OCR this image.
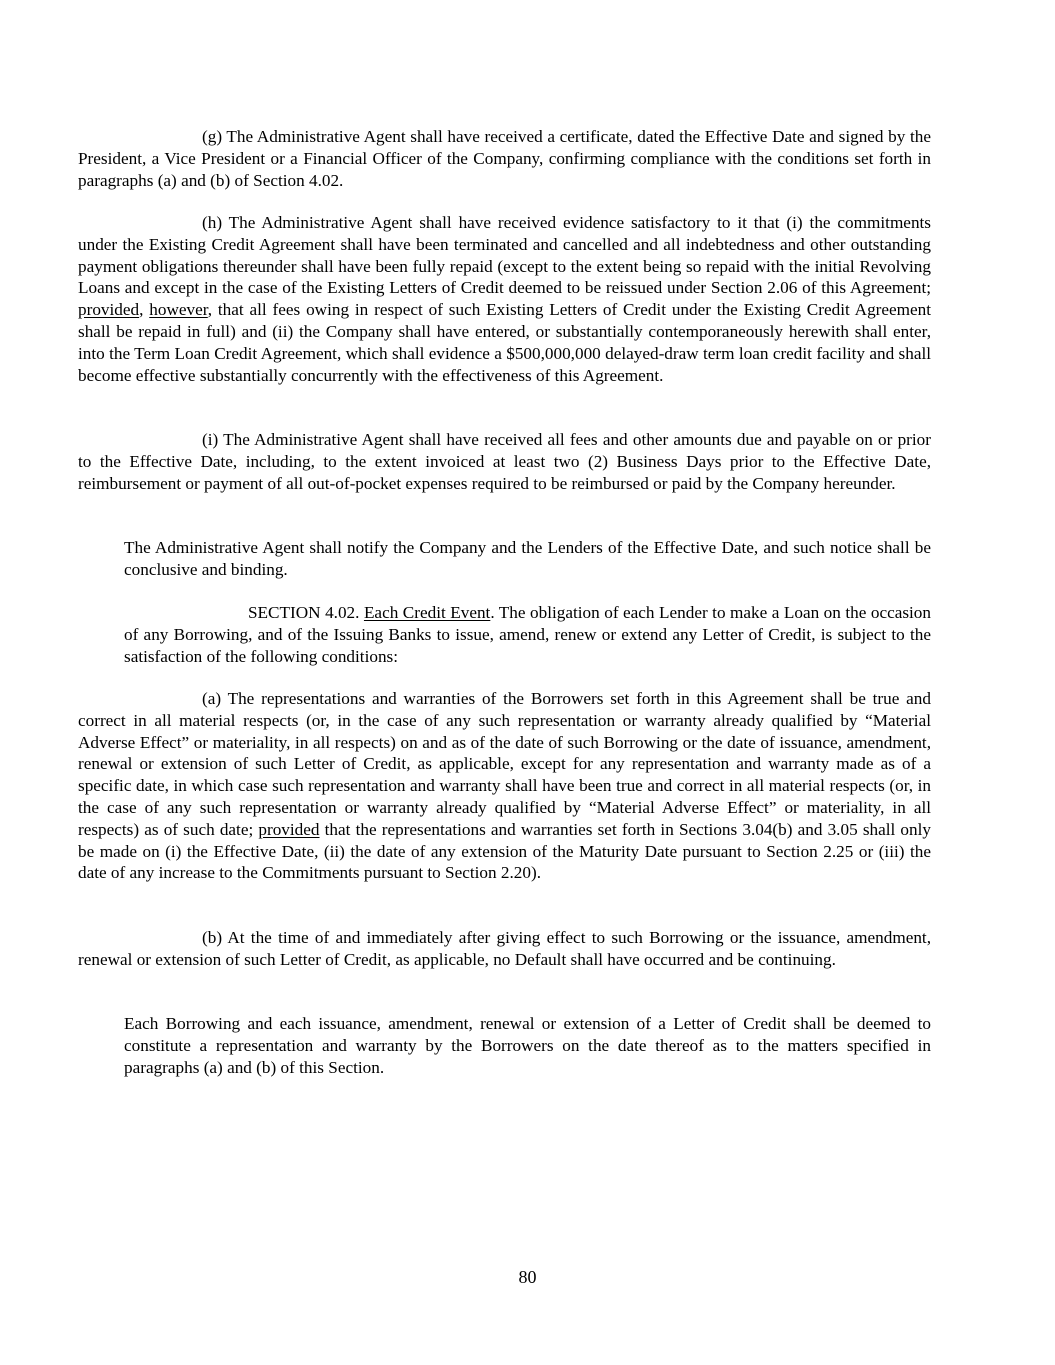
(g) The Administrative Agent shall have received a certificate, dated the Effective Date and signed by the President, a Vice President or a Financial Officer of the Company, confirming compliance with the conditions set forth in paragraphs (a) and (b) of Section 4.02.

(h) The Administrative Agent shall have received evidence satisfactory to it that (i) the commitments under the Existing Credit Agreement shall have been terminated and cancelled and all indebtedness and other outstanding payment obligations thereunder shall have been fully repaid (except to the extent being so repaid with the initial Revolving Loans and except in the case of the Existing Letters of Credit deemed to be reissued under Section 2.06 of this Agreement; provided, however, that all fees owing in respect of such Existing Letters of Credit under the Existing Credit Agreement shall be repaid in full) and (ii) the Company shall have entered, or substantially contemporaneously herewith shall enter, into the Term Loan Credit Agreement, which shall evidence a $500,000,000 delayed-draw term loan credit facility and shall become effective substantially concurrently with the effectiveness of this Agreement.

(i) The Administrative Agent shall have received all fees and other amounts due and payable on or prior to the Effective Date, including, to the extent invoiced at least two (2) Business Days prior to the Effective Date, reimbursement or payment of all out-of-pocket expenses required to be reimbursed or paid by the Company hereunder.

The Administrative Agent shall notify the Company and the Lenders of the Effective Date, and such notice shall be conclusive and binding.

SECTION 4.02. Each Credit Event. The obligation of each Lender to make a Loan on the occasion of any Borrowing, and of the Issuing Banks to issue, amend, renew or extend any Letter of Credit, is subject to the satisfaction of the following conditions:

(a) The representations and warranties of the Borrowers set forth in this Agreement shall be true and correct in all material respects (or, in the case of any such representation or warranty already qualified by “Material Adverse Effect” or materiality, in all respects) on and as of the date of such Borrowing or the date of issuance, amendment, renewal or extension of such Letter of Credit, as applicable, except for any representation and warranty made as of a specific date, in which case such representation and warranty shall have been true and correct in all material respects (or, in the case of any such representation or warranty already qualified by “Material Adverse Effect” or materiality, in all respects) as of such date; provided that the representations and warranties set forth in Sections 3.04(b) and 3.05 shall only be made on (i) the Effective Date, (ii) the date of any extension of the Maturity Date pursuant to Section 2.25 or (iii) the date of any increase to the Commitments pursuant to Section 2.20).

(b) At the time of and immediately after giving effect to such Borrowing or the issuance, amendment, renewal or extension of such Letter of Credit, as applicable, no Default shall have occurred and be continuing.

Each Borrowing and each issuance, amendment, renewal or extension of a Letter of Credit shall be deemed to constitute a representation and warranty by the Borrowers on the date thereof as to the matters specified in paragraphs (a) and (b) of this Section.

80
